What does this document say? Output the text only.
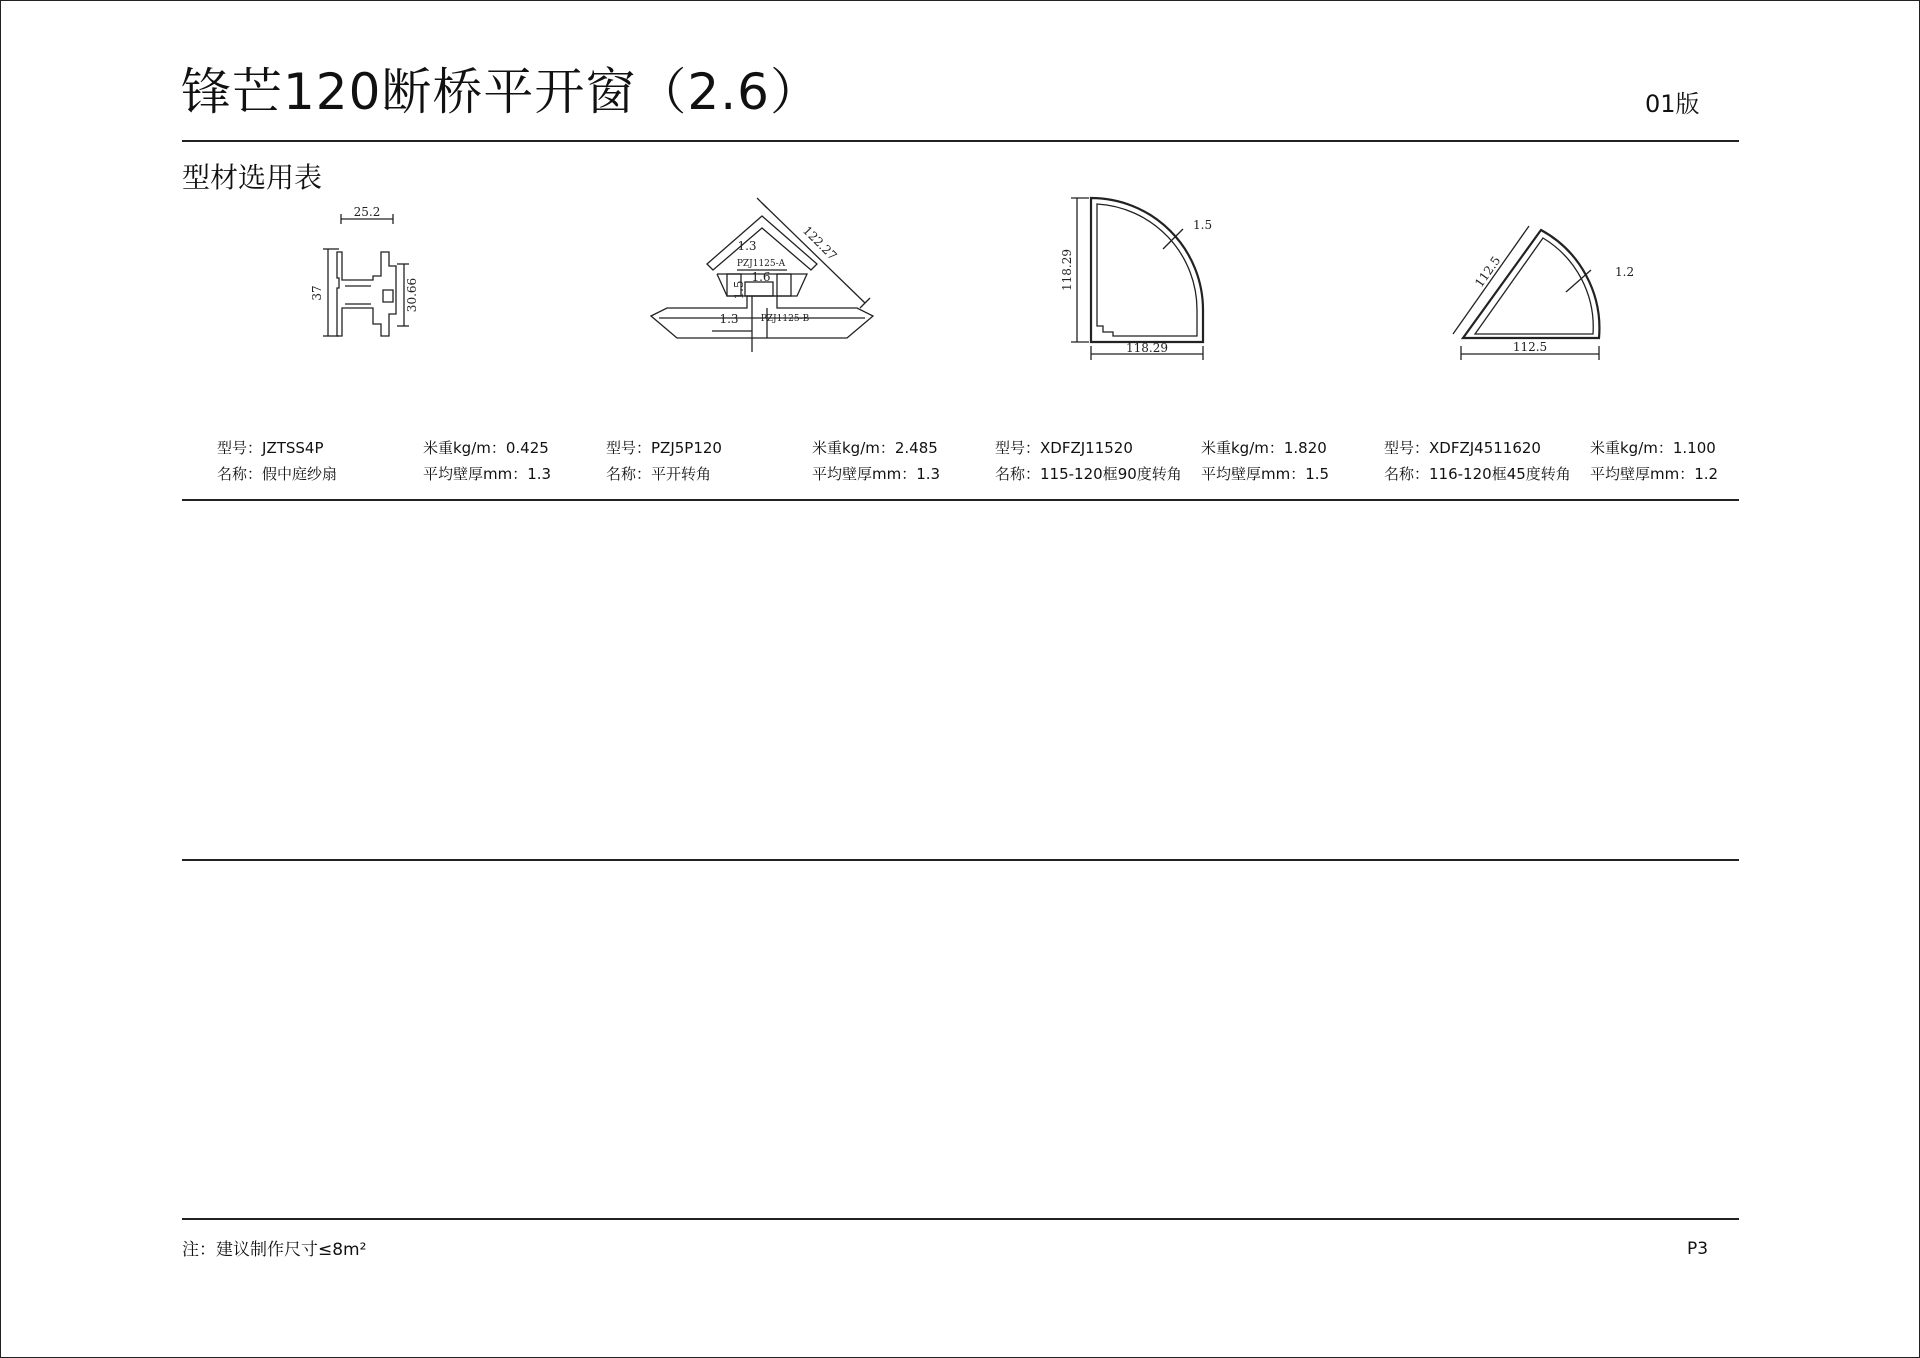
锋芒120断桥平开窗（2.6）	01版
型材选用表
25.2
37	30.66
122.27
1.3
PZJ1125-A
1.5
1.6
1.3 PZJ1125-B
118.29
118.29
1.5
112.5
112.5	1.2
型号：JZTSS4P	米重kg/m：0.425
名称：假中庭纱扇	平均壁厚mm：1.3
型号：PZJ5P120	米重kg/m：2.485
名称：平开转角	平均壁厚mm：1.3
型号：XDFZJ11520	米重kg/m：1.820
名称：115-120框90度转角 平均壁厚mm：1.5
型号：XDFZJ4511620	米重kg/m：1.100
名称：116-120框45度转角 平均壁厚mm：1.2
注：建议制作尺寸≤8m²	P3
